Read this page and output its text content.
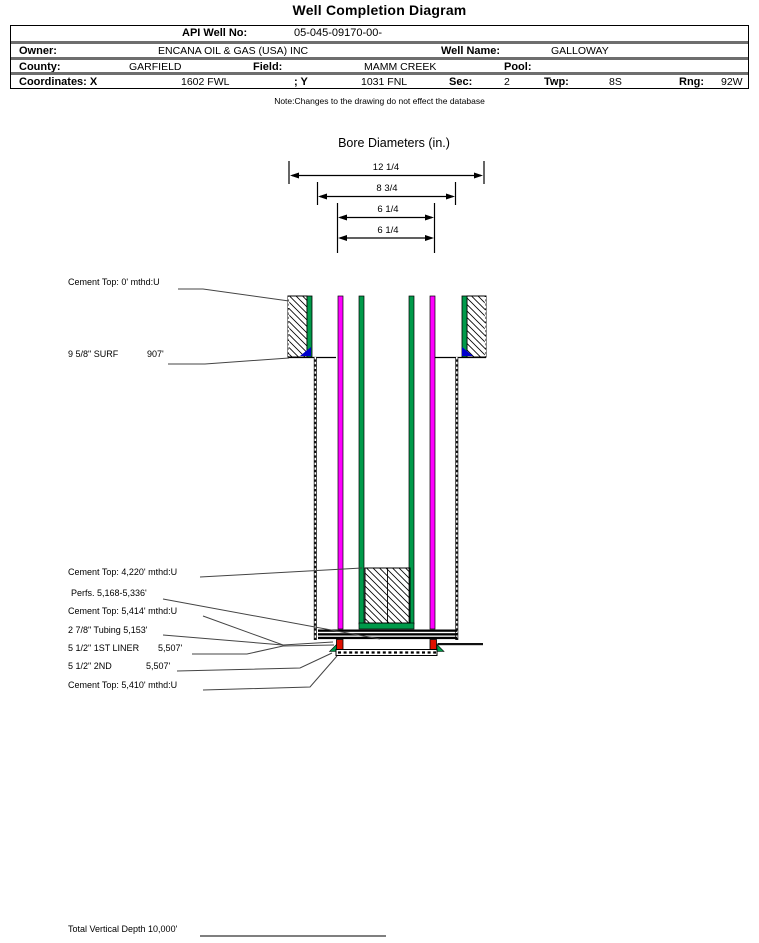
Well Completion Diagram
API Well No:	05-045-09170-00-
Owner:	ENCANA OIL & GAS (USA) INC	Well Name:	GALLOWAY
County:	GARFIELD	Field:	MAMM CREEK	Pool:
Coordinates: X	1602 FWL	; Y	1031 FNL	Sec:	2	Twp:	8S	Rng: 92W
Note:Changes to the drawing do not effect the database
Bore Diameters (in.)
12 1/4
8 3/4
6 1/4
6 1/4
Cement Top: 0' mthd:U
9 5/8" SURF	907'
Cement Top: 4,220' mthd:U
Perfs. 5,168-5,336'
Cement Top: 5,414' mthd:U
2 7/8" Tubing 5,153'
5 1/2" 1ST LINER 5,507'
5 1/2" 2ND	5,507'
Cement Top: 5,410' mthd:U
Total Vertical Depth 10,000'
